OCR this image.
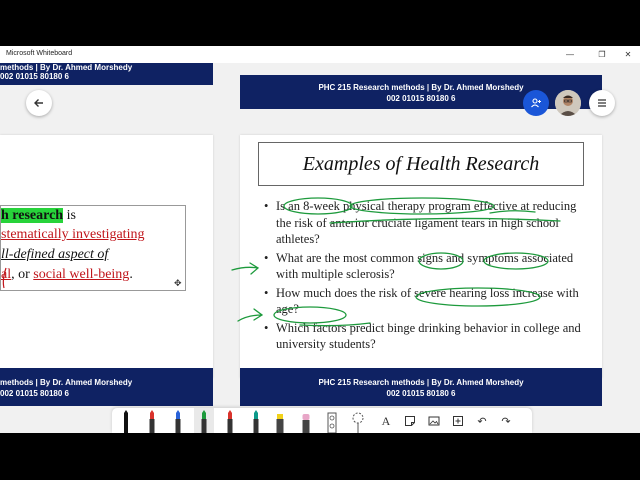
Microsoft Whiteboard	—	❐	✕
methods | By Dr. Ahmed Morshedy
002 01015 80180 6
PHC 215 Research methods | By Dr. Ahmed Morshedy
002 01015 80180 6
h research is
stematically investigating
ll-defined aspect of
al, or social well-being.
methods | By Dr. Ahmed Morshedy
002 01015 80180 6
Examples of Health Research
• Is an 8-week physical therapy program effective at reducing the risk of anterior cruciate ligament tears in high school athletes?
• What are the most common signs and symptoms associated with multiple sclerosis?
• How much does the risk of severe hearing loss increase with age?
• Which factors predict binge drinking behavior in college and university students?
PHC 215 Research methods | By Dr. Ahmed Morshedy
002 01015 80180 6
✥
A	↶	↷
